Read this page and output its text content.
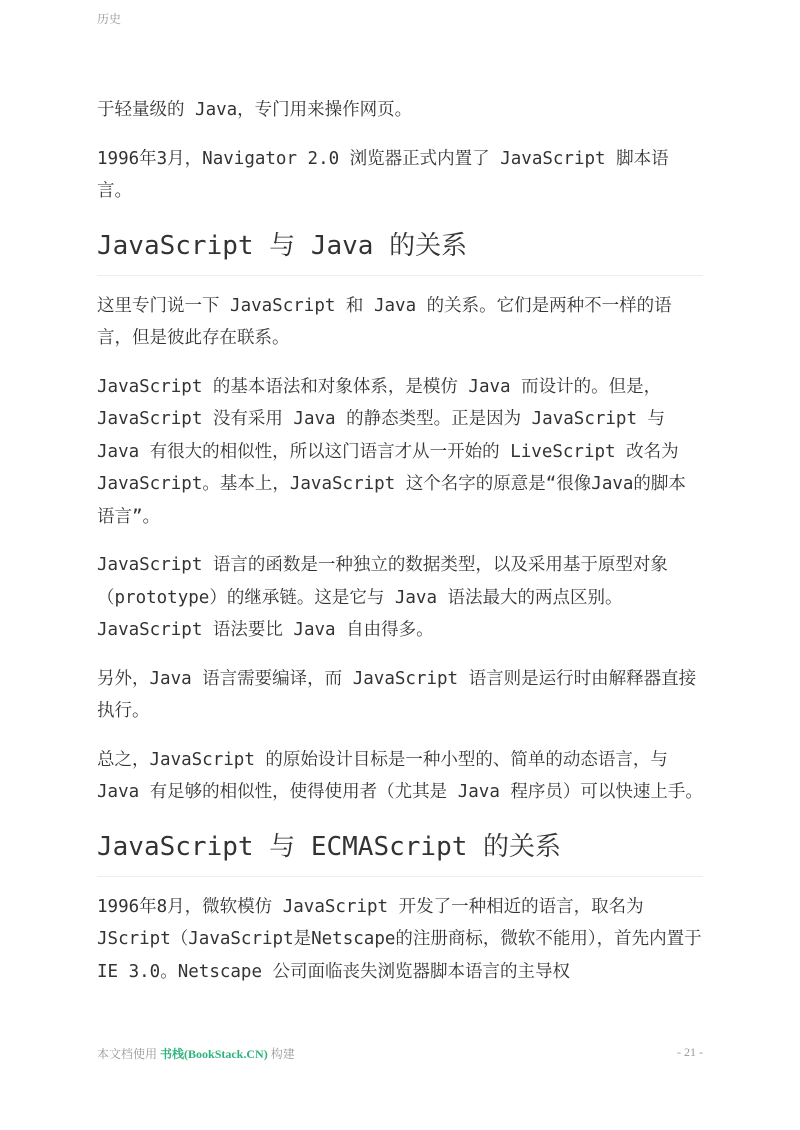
历史

于轻量级的 Java，专门用来操作网页。

1996年3月，Navigator 2.0 浏览器正式内置了 JavaScript 脚本语言。

JavaScript 与 Java 的关系

这里专门说一下 JavaScript 和 Java 的关系。它们是两种不一样的语言，但是彼此存在联系。

JavaScript 的基本语法和对象体系，是模仿 Java 而设计的。但是，JavaScript 没有采用 Java 的静态类型。正是因为 JavaScript 与 Java 有很大的相似性，所以这门语言才从一开始的 LiveScript 改名为 JavaScript。基本上，JavaScript 这个名字的原意是“很像Java的脚本语言”。

JavaScript 语言的函数是一种独立的数据类型，以及采用基于原型对象（prototype）的继承链。这是它与 Java 语法最大的两点区别。JavaScript 语法要比 Java 自由得多。

另外，Java 语言需要编译，而 JavaScript 语言则是运行时由解释器直接执行。

总之，JavaScript 的原始设计目标是一种小型的、简单的动态语言，与 Java 有足够的相似性，使得使用者（尤其是 Java 程序员）可以快速上手。

JavaScript 与 ECMAScript 的关系

1996年8月，微软模仿 JavaScript 开发了一种相近的语言，取名为 JScript（JavaScript是Netscape的注册商标，微软不能用），首先内置于IE 3.0。Netscape 公司面临丧失浏览器脚本语言的主导权

本文档使用 书栈(BookStack.CN) 构建	- 21 -
